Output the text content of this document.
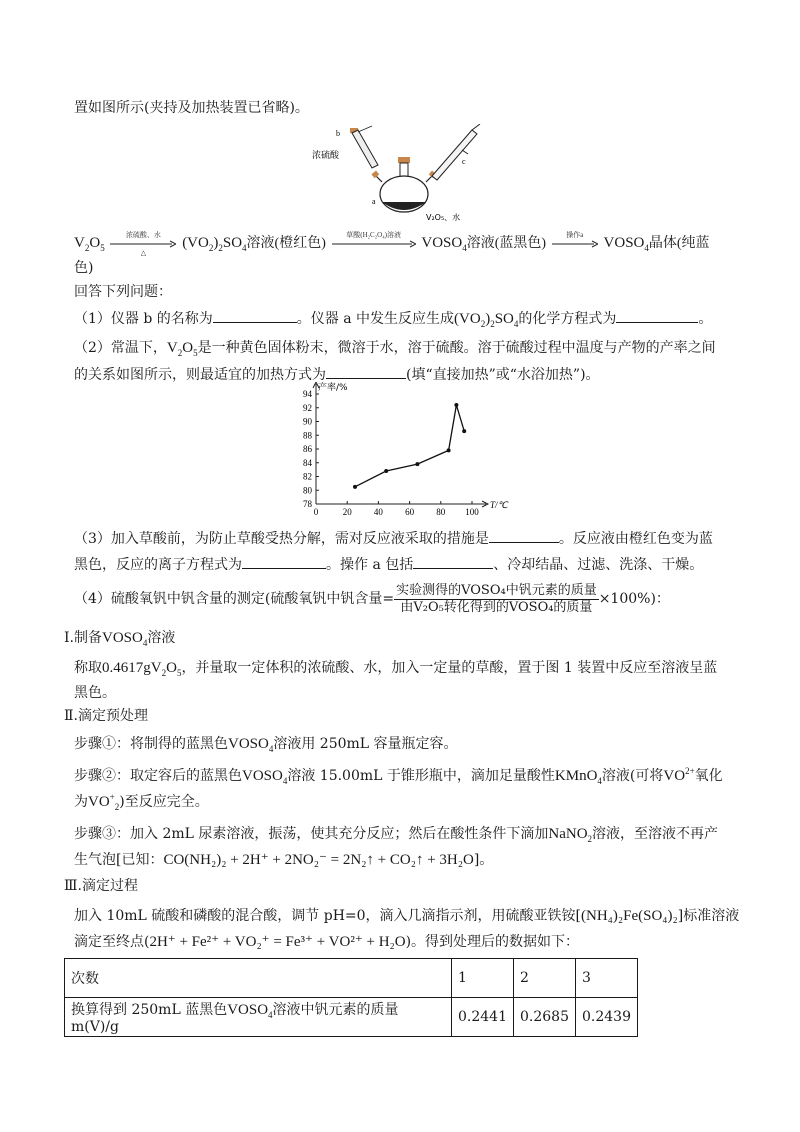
置如图所示(夹持及加热装置已省略)。
b
浓硫酸
a
c
V₂O₅、水
$V_2O_5$
浓硫酸、水
△
$(VO_2)_2SO_4$溶液(橙红色)
草酸(H₂C₂O₄)溶液
$VOSO_4$溶液(蓝黑色)
操作a
$VOSO_4$晶体(纯蓝
色)
回答下列问题：
（1）仪器 b 的名称为	。仪器 a 中发生反应生成$(VO_2)_2SO_4$的化学方程式为	。
（2）常温下，$V_2O_5$是一种黄色固体粉末，微溶于水，溶于硫酸。溶于硫酸过程中温度与产物的产率之间
的关系如图所示，则最适宜的加热方式为	(填“直接加热”或“水浴加热”)。
78
80
82
84
86
88
90
92
94
0	20 40 60 80 100
产率/%
T/℃
（3）加入草酸前，为防止草酸受热分解，需对反应液采取的措施是	。反应液由橙红色变为蓝
黑色，反应的离子方程式为	。操作 a 包括	、冷却结晶、过滤、洗涤、干燥。
（4）硫酸氧钒中钒含量的测定(硫酸氧钒中钒含量= $\frac{\text{实验测得的VOSO₄中钒元素的质量}}{\text{由V₂O₅转化得到的VOSO₄的质量}} \times 100\%$)：
Ⅰ.制备$VOSO_4$溶液
称取$0.4617gV_2O_5$，并量取一定体积的浓硫酸、水，加入一定量的草酸，置于图 1 装置中反应至溶液呈蓝
黑色。
Ⅱ.滴定预处理
步骤①：将制得的蓝黑色$VOSO_4$溶液用 250mL 容量瓶定容。
步骤②：取定容后的蓝黑色$VOSO_4$溶液 15.00mL 于锥形瓶中，滴加足量酸性KMnO$_4$溶液(可将$VO^{2+}$氧化
为$VO^+_2$)至反应完全。
步骤③：加入 2mL 尿素溶液，振荡，使其充分反应；然后在酸性条件下滴加NaNO$_2$溶液，至溶液不再产
生气泡[已知：CO(NH₂)₂ + 2H⁺ + 2NO₂⁻ = 2N₂↑ + CO₂↑ + 3H₂O]。
Ⅲ.滴定过程
加入 10mL 硫酸和磷酸的混合酸，调节 pH=0，滴入几滴指示剂，用硫酸亚铁铵[(NH₄)₂Fe(SO₄)₂]标准溶液
滴定至终点(2H⁺ + Fe²⁺ + VO₂⁺ = Fe³⁺ + VO²⁺ + H₂O)。得到处理后的数据如下：
次数	1	2	3
换算得到 250mL 蓝黑色$VOSO_4$溶液中钒元素的质量 m(V)/g	0.2441	0.2685	0.2439
